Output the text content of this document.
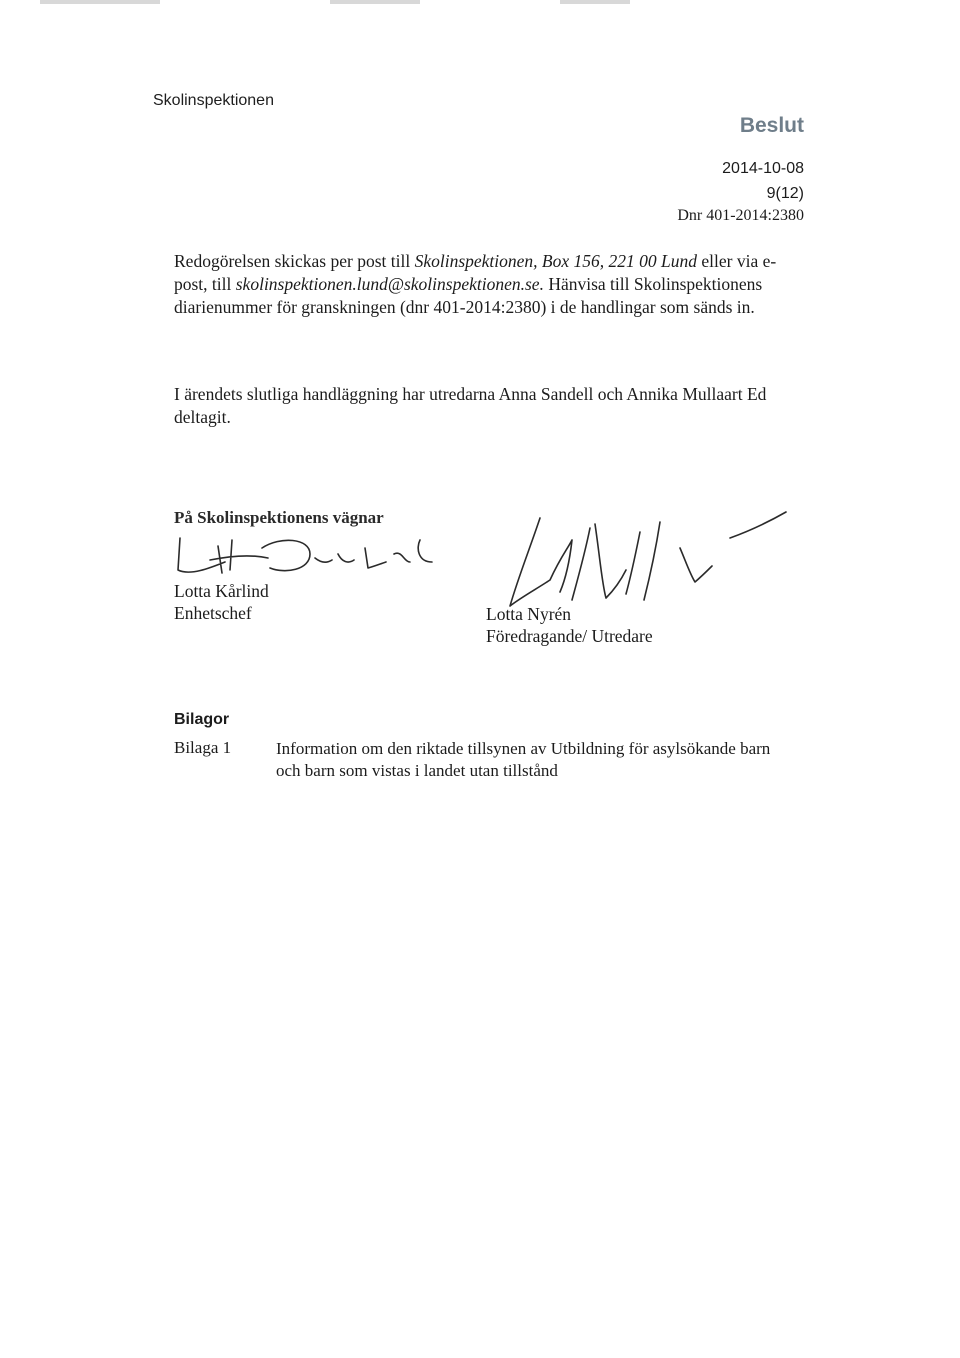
Skolinspektionen
Beslut
2014-10-08
9(12)
Dnr 401-2014:2380
Redogörelsen skickas per post till Skolinspektionen, Box 156, 221 00 Lund eller via e-post, till skolinspektionen.lund@skolinspektionen.se. Hänvisa till Skolinspektionens diarienummer för granskningen (dnr 401-2014:2380) i de handlingar som sänds in.
I ärendets slutliga handläggning har utredarna Anna Sandell och Annika Mullaart Ed deltagit.
På Skolinspektionens vägnar
Lotta Kårlind
Enhetschef	Lotta Nyrén
Föredragande/ Utredare
Bilagor
Bilaga 1	Information om den riktade tillsynen av Utbildning för asylsökande barn och barn som vistas i landet utan tillstånd
